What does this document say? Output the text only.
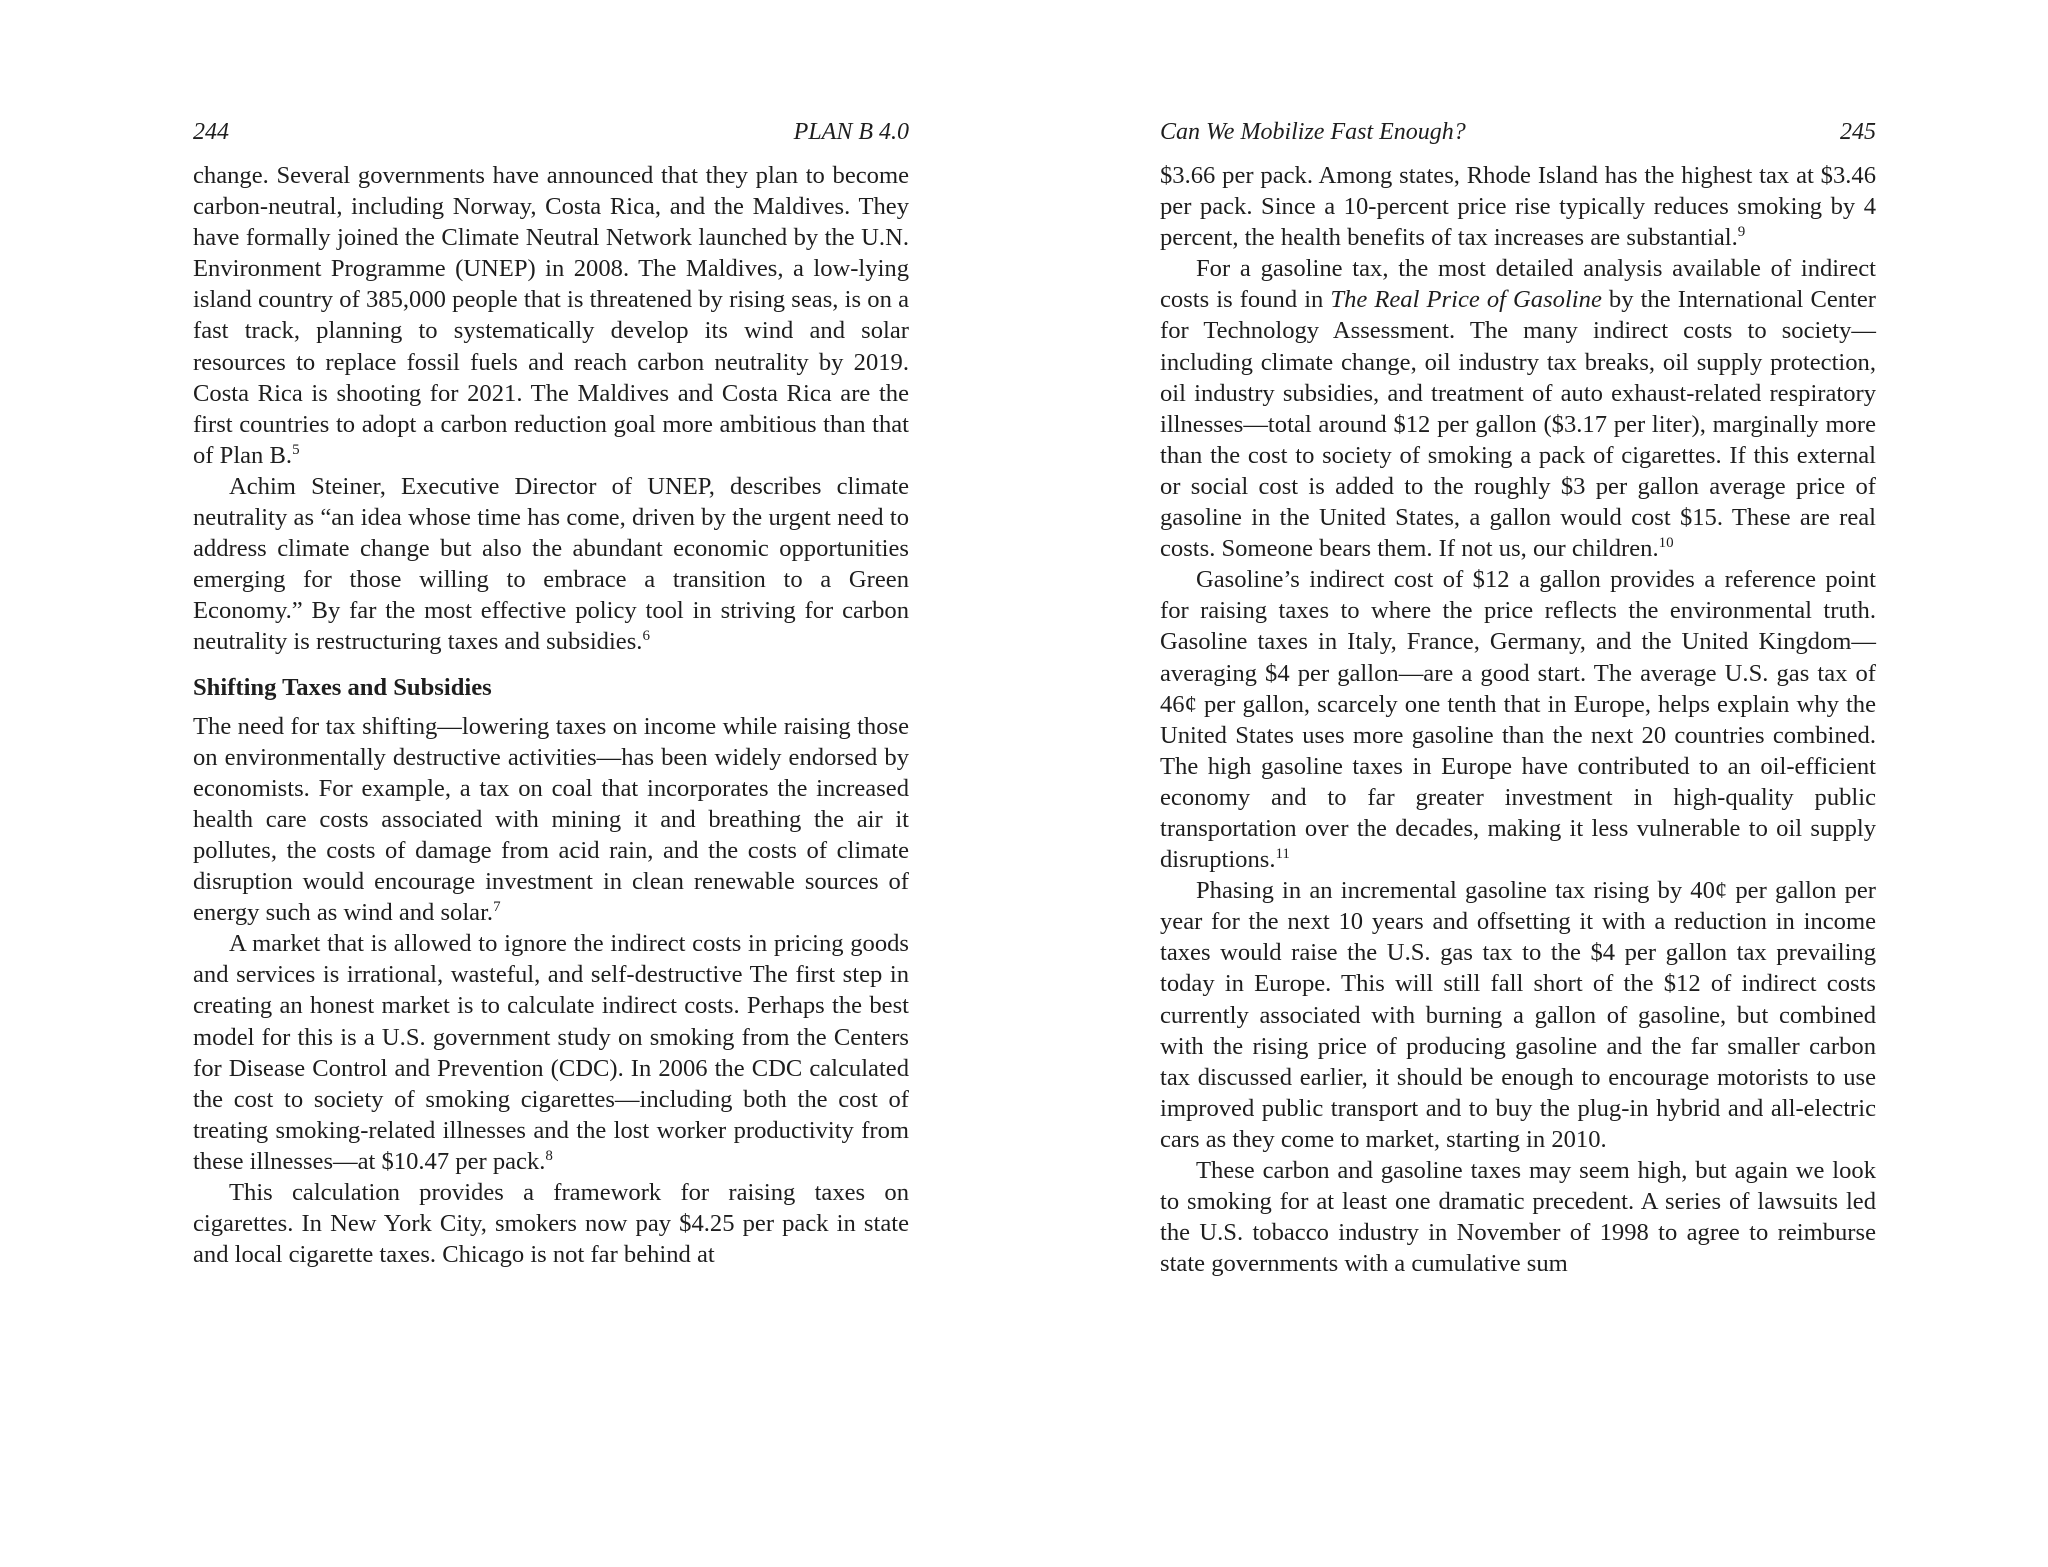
244	PLAN B 4.0

change. Several governments have announced that they plan to become carbon-neutral, including Norway, Costa Rica, and the Maldives. They have formally joined the Climate Neutral Network launched by the U.N. Environment Programme (UNEP) in 2008. The Maldives, a low-lying island country of 385,000 people that is threatened by rising seas, is on a fast track, planning to systematically develop its wind and solar resources to replace fossil fuels and reach carbon neutrality by 2019. Costa Rica is shooting for 2021. The Maldives and Costa Rica are the first countries to adopt a carbon reduction goal more ambitious than that of Plan B.$^5$

Achim Steiner, Executive Director of UNEP, describes climate neutrality as “an idea whose time has come, driven by the urgent need to address climate change but also the abundant economic opportunities emerging for those willing to embrace a transition to a Green Economy.” By far the most effective policy tool in striving for carbon neutrality is restructuring taxes and subsidies.$^6$

Shifting Taxes and Subsidies

The need for tax shifting—lowering taxes on income while raising those on environmentally destructive activities—has been widely endorsed by economists. For example, a tax on coal that incorporates the increased health care costs associated with mining it and breathing the air it pollutes, the costs of damage from acid rain, and the costs of climate disruption would encourage investment in clean renewable sources of energy such as wind and solar.$^7$

A market that is allowed to ignore the indirect costs in pricing goods and services is irrational, wasteful, and self-destructive The first step in creating an honest market is to calculate indirect costs. Perhaps the best model for this is a U.S. government study on smoking from the Centers for Disease Control and Prevention (CDC). In 2006 the CDC calculated the cost to society of smoking cigarettes—including both the cost of treating smoking-related illnesses and the lost worker productivity from these illnesses—at $10.47 per pack.$^8$

This calculation provides a framework for raising taxes on cigarettes. In New York City, smokers now pay $4.25 per pack in state and local cigarette taxes. Chicago is not far behind at

Can We Mobilize Fast Enough?	245

$3.66 per pack. Among states, Rhode Island has the highest tax at $3.46 per pack. Since a 10-percent price rise typically reduces smoking by 4 percent, the health benefits of tax increases are substantial.$^9$

For a gasoline tax, the most detailed analysis available of indirect costs is found in The Real Price of Gasoline by the International Center for Technology Assessment. The many indirect costs to society—including climate change, oil industry tax breaks, oil supply protection, oil industry subsidies, and treatment of auto exhaust-related respiratory illnesses—total around $12 per gallon ($3.17 per liter), marginally more than the cost to society of smoking a pack of cigarettes. If this external or social cost is added to the roughly $3 per gallon average price of gasoline in the United States, a gallon would cost $15. These are real costs. Someone bears them. If not us, our children.$^{10}$

Gasoline’s indirect cost of $12 a gallon provides a reference point for raising taxes to where the price reflects the environmental truth. Gasoline taxes in Italy, France, Germany, and the United Kingdom—averaging $4 per gallon—are a good start. The average U.S. gas tax of 46¢ per gallon, scarcely one tenth that in Europe, helps explain why the United States uses more gasoline than the next 20 countries combined. The high gasoline taxes in Europe have contributed to an oil-efficient economy and to far greater investment in high-quality public transportation over the decades, making it less vulnerable to oil supply disruptions.$^{11}$

Phasing in an incremental gasoline tax rising by 40¢ per gallon per year for the next 10 years and offsetting it with a reduction in income taxes would raise the U.S. gas tax to the $4 per gallon tax prevailing today in Europe. This will still fall short of the $12 of indirect costs currently associated with burning a gallon of gasoline, but combined with the rising price of producing gasoline and the far smaller carbon tax discussed earlier, it should be enough to encourage motorists to use improved public transport and to buy the plug-in hybrid and all-electric cars as they come to market, starting in 2010.

These carbon and gasoline taxes may seem high, but again we look to smoking for at least one dramatic precedent. A series of lawsuits led the U.S. tobacco industry in November of 1998 to agree to reimburse state governments with a cumulative sum
